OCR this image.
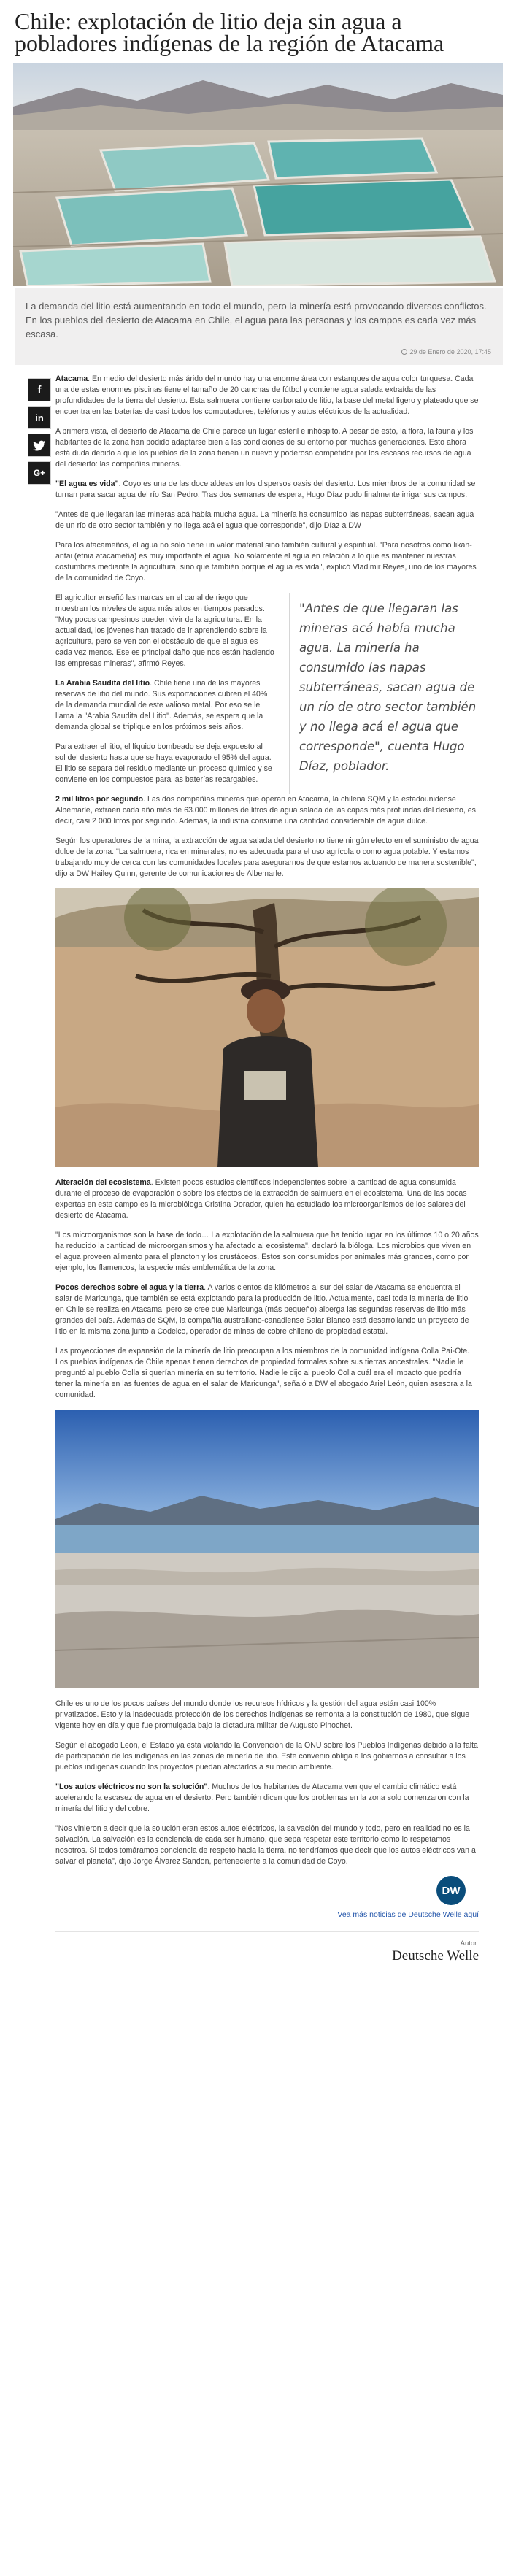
Chile: explotación de litio deja sin agua a pobladores indígenas de la región de Atacama

La demanda del litio está aumentando en todo el mundo, pero la minería está provocando diversos conflictos. En los pueblos del desierto de Atacama en Chile, el agua para las personas y los campos es cada vez más escasa.

29 de Enero de 2020, 17:45
f
in
G+

Atacama. En medio del desierto más árido del mundo hay una enorme área con estanques de agua color turquesa. Cada una de estas enormes piscinas tiene el tamaño de 20 canchas de fútbol y contiene agua salada extraída de las profundidades de la tierra del desierto. Esta salmuera contiene carbonato de litio, la base del metal ligero y plateado que se encuentra en las baterías de casi todos los computadores, teléfonos y autos eléctricos de la actualidad.

A primera vista, el desierto de Atacama de Chile parece un lugar estéril e inhóspito. A pesar de esto, la flora, la fauna y los habitantes de la zona han podido adaptarse bien a las condiciones de su entorno por muchas generaciones. Esto ahora está duda debido a que los pueblos de la zona tienen un nuevo y poderoso competidor por los escasos recursos de agua del desierto: las compañías mineras.

"El agua es vida". Coyo es una de las doce aldeas en los dispersos oasis del desierto. Los miembros de la comunidad se turnan para sacar agua del río San Pedro. Tras dos semanas de espera, Hugo Díaz pudo finalmente irrigar sus campos.

"Antes de que llegaran las mineras acá había mucha agua. La minería ha consumido las napas subterráneas, sacan agua de un río de otro sector también y no llega acá el agua que corresponde", dijo Díaz a DW

Para los atacameños, el agua no solo tiene un valor material sino también cultural y espiritual. "Para nosotros como likan-antai (etnia atacameña) es muy importante el agua. No solamente el agua en relación a lo que es mantener nuestras costumbres mediante la agricultura, sino que también porque el agua es vida", explicó Vladimir Reyes, uno de los mayores de la comunidad de Coyo.

El agricultor enseñó las marcas en el canal de riego que muestran los niveles de agua más altos en tiempos pasados. "Muy pocos campesinos pueden vivir de la agricultura. En la actualidad, los jóvenes han tratado de ir aprendiendo sobre la agricultura, pero se ven con el obstáculo de que el agua es cada vez menos. Ese es principal daño que nos están haciendo las empresas mineras", afirmó Reyes.

La Arabia Saudita del litio. Chile tiene una de las mayores reservas de litio del mundo. Sus exportaciones cubren el 40% de la demanda mundial de este valioso metal. Por eso se le llama la "Arabia Saudita del Litio". Además, se espera que la demanda global se triplique en los próximos seis años.

Para extraer el litio, el líquido bombeado se deja expuesto al sol del desierto hasta que se haya evaporado el 95% del agua. El litio se separa del residuo mediante un proceso químico y se convierte en los compuestos para las baterías recargables.

"Antes de que llegaran las mineras acá había mucha agua. La minería ha consumido las napas subterráneas, sacan agua de un río de otro sector también y no llega acá el agua que corresponde", cuenta Hugo Díaz, poblador.

2 mil litros por segundo. Las dos compañías mineras que operan en Atacama, la chilena SQM y la estadounidense Albemarle, extraen cada año más de 63.000 millones de litros de agua salada de las capas más profundas del desierto, es decir, casi 2 000 litros por segundo. Además, la industria consume una cantidad considerable de agua dulce.

Según los operadores de la mina, la extracción de agua salada del desierto no tiene ningún efecto en el suministro de agua dulce de la zona. "La salmuera, rica en minerales, no es adecuada para el uso agrícola o como agua potable. Y estamos trabajando muy de cerca con las comunidades locales para asegurarnos de que estamos actuando de manera sostenible", dijo a DW Hailey Quinn, gerente de comunicaciones de Albemarle.

Alteración del ecosistema. Existen pocos estudios científicos independientes sobre la cantidad de agua consumida durante el proceso de evaporación o sobre los efectos de la extracción de salmuera en el ecosistema. Una de las pocas expertas en este campo es la microbióloga Cristina Dorador, quien ha estudiado los microorganismos de los salares del desierto de Atacama.

"Los microorganismos son la base de todo… La explotación de la salmuera que ha tenido lugar en los últimos 10 o 20 años ha reducido la cantidad de microorganismos y ha afectado al ecosistema", declaró la bióloga. Los microbios que viven en el agua proveen alimento para el plancton y los crustáceos. Estos son consumidos por animales más grandes, como por ejemplo, los flamencos, la especie más emblemática de la zona.

Pocos derechos sobre el agua y la tierra. A varios cientos de kilómetros al sur del salar de Atacama se encuentra el salar de Maricunga, que también se está explotando para la producción de litio. Actualmente, casi toda la minería de litio en Chile se realiza en Atacama, pero se cree que Maricunga (más pequeño) alberga las segundas reservas de litio más grandes del país. Además de SQM, la compañía australiano-canadiense Salar Blanco está desarrollando un proyecto de litio en la misma zona junto a Codelco, operador de minas de cobre chileno de propiedad estatal.

Las proyecciones de expansión de la minería de litio preocupan a los miembros de la comunidad indígena Colla Pai-Ote. Los pueblos indígenas de Chile apenas tienen derechos de propiedad formales sobre sus tierras ancestrales. "Nadie le preguntó al pueblo Colla si querían minería en su territorio. Nadie le dijo al pueblo Colla cuál era el impacto que podría tener la minería en las fuentes de agua en el salar de Maricunga", señaló a DW el abogado Ariel León, quien asesora a la comunidad.

Chile es uno de los pocos países del mundo donde los recursos hídricos y la gestión del agua están casi 100% privatizados. Esto y la inadecuada protección de los derechos indígenas se remonta a la constitución de 1980, que sigue vigente hoy en día y que fue promulgada bajo la dictadura militar de Augusto Pinochet.

Según el abogado León, el Estado ya está violando la Convención de la ONU sobre los Pueblos Indígenas debido a la falta de participación de los indígenas en las zonas de minería de litio. Este convenio obliga a los gobiernos a consultar a los pueblos indígenas cuando los proyectos puedan afectarlos a su medio ambiente.

"Los autos eléctricos no son la solución". Muchos de los habitantes de Atacama ven que el cambio climático está acelerando la escasez de agua en el desierto. Pero también dicen que los problemas en la zona solo comenzaron con la minería del litio y del cobre.

"Nos vinieron a decir que la solución eran estos autos eléctricos, la salvación del mundo y todo, pero en realidad no es la salvación. La salvación es la conciencia de cada ser humano, que sepa respetar este territorio como lo respetamos nosotros. Si todos tomáramos conciencia de respeto hacia la tierra, no tendríamos que decir que los autos eléctricos van a salvar el planeta", dijo Jorge Álvarez Sandon, perteneciente a la comunidad de Coyo.

DW
Vea más noticias de Deutsche Welle aquí
Autor:
Deutsche Welle
